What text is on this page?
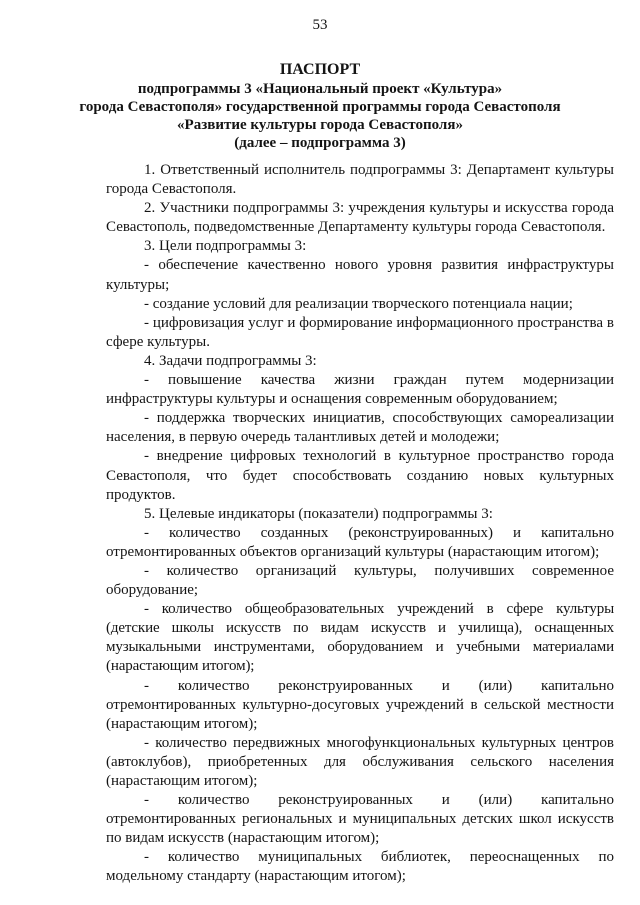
53
ПАСПОРТ
подпрограммы 3 «Национальный проект «Культура»
города Севастополя» государственной программы города Севастополя
«Развитие культуры города Севастополя»
(далее – подпрограмма 3)
1. Ответственный исполнитель подпрограммы 3: Департамент культуры города Севастополя.
2. Участники подпрограммы 3: учреждения культуры и искусства города Севастополь, подведомственные Департаменту культуры города Севастополя.
3. Цели подпрограммы 3:
- обеспечение качественно нового уровня развития инфраструктуры культуры;
- создание условий для реализации творческого потенциала нации;
- цифровизация услуг и формирование информационного пространства в сфере культуры.
4. Задачи подпрограммы 3:
- повышение качества жизни граждан путем модернизации инфраструктуры культуры и оснащения современным оборудованием;
- поддержка творческих инициатив, способствующих самореализации населения, в первую очередь талантливых детей и молодежи;
- внедрение цифровых технологий в культурное пространство города Севастополя, что будет способствовать созданию новых культурных продуктов.
5. Целевые индикаторы (показатели) подпрограммы 3:
- количество созданных (реконструированных) и капитально отремонтированных объектов организаций культуры (нарастающим итогом);
- количество организаций культуры, получивших современное оборудование;
- количество общеобразовательных учреждений в сфере культуры (детские школы искусств по видам искусств и училища), оснащенных музыкальными инструментами, оборудованием и учебными материалами (нарастающим итогом);
- количество реконструированных и (или) капитально отремонтированных культурно-досуговых учреждений в сельской местности (нарастающим итогом);
- количество передвижных многофункциональных культурных центров (автоклубов), приобретенных для обслуживания сельского населения (нарастающим итогом);
- количество реконструированных и (или) капитально отремонтированных региональных и муниципальных детских школ искусств по видам искусств (нарастающим итогом);
- количество муниципальных библиотек, переоснащенных по модельному стандарту (нарастающим итогом);
